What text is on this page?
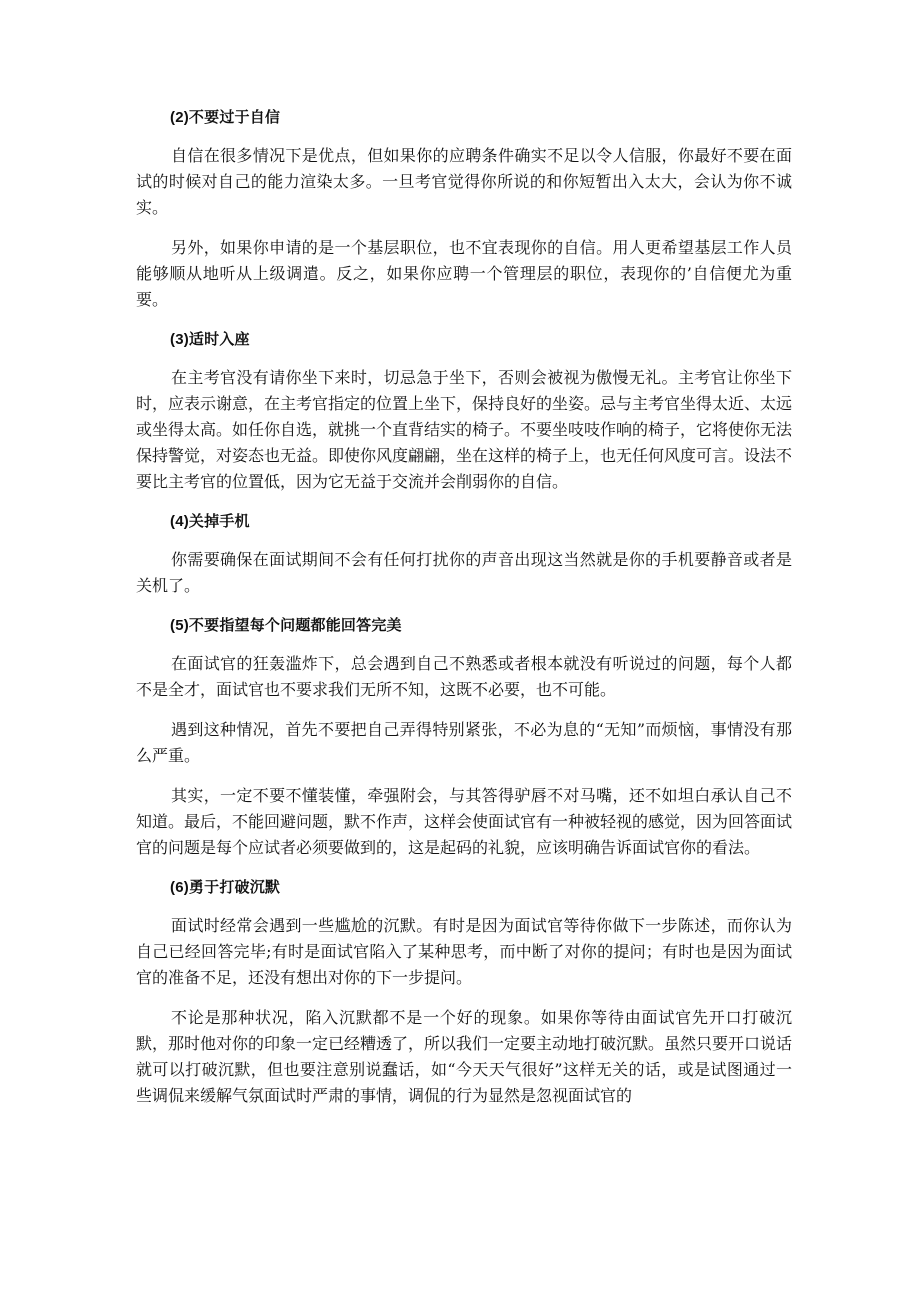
(2)不要过于自信

自信在很多情况下是优点，但如果你的应聘条件确实不足以令人信服，你最好不要在面试的时候对自己的能力渲染太多。一旦考官觉得你所说的和你短暂出入太大，会认为你不诚实。

另外，如果你申请的是一个基层职位，也不宜表现你的自信。用人更希望基层工作人员能够顺从地听从上级调遣。反之，如果你应聘一个管理层的职位，表现你的’自信便尤为重要。

(3)适时入座

在主考官没有请你坐下来时，切忌急于坐下，否则会被视为傲慢无礼。主考官让你坐下时，应表示谢意，在主考官指定的位置上坐下，保持良好的坐姿。忌与主考官坐得太近、太远或坐得太高。如任你自选，就挑一个直背结实的椅子。不要坐吱吱作响的椅子，它将使你无法保持警觉，对姿态也无益。即使你风度翩翩，坐在这样的椅子上，也无任何风度可言。设法不要比主考官的位置低，因为它无益于交流并会削弱你的自信。

(4)关掉手机

你需要确保在面试期间不会有任何打扰你的声音出现这当然就是你的手机要静音或者是关机了。

(5)不要指望每个问题都能回答完美

在面试官的狂轰滥炸下，总会遇到自己不熟悉或者根本就没有听说过的问题，每个人都不是全才，面试官也不要求我们无所不知，这既不必要，也不可能。

遇到这种情况，首先不要把自己弄得特别紧张，不必为息的“无知”而烦恼，事情没有那么严重。

其实，一定不要不懂装懂，牵强附会，与其答得驴唇不对马嘴，还不如坦白承认自己不知道。最后，不能回避问题，默不作声，这样会使面试官有一种被轻视的感觉，因为回答面试官的问题是每个应试者必须要做到的，这是起码的礼貌，应该明确告诉面试官你的看法。

(6)勇于打破沉默

面试时经常会遇到一些尴尬的沉默。有时是因为面试官等待你做下一步陈述，而你认为自己已经回答完毕;有时是面试官陷入了某种思考，而中断了对你的提问；有时也是因为面试官的准备不足，还没有想出对你的下一步提问。

不论是那种状况，陷入沉默都不是一个好的现象。如果你等待由面试官先开口打破沉默，那时他对你的印象一定已经糟透了，所以我们一定要主动地打破沉默。虽然只要开口说话就可以打破沉默，但也要注意别说蠢话，如“今天天气很好”这样无关的话，或是试图通过一些调侃来缓解气氛面试时严肃的事情，调侃的行为显然是忽视面试官的
